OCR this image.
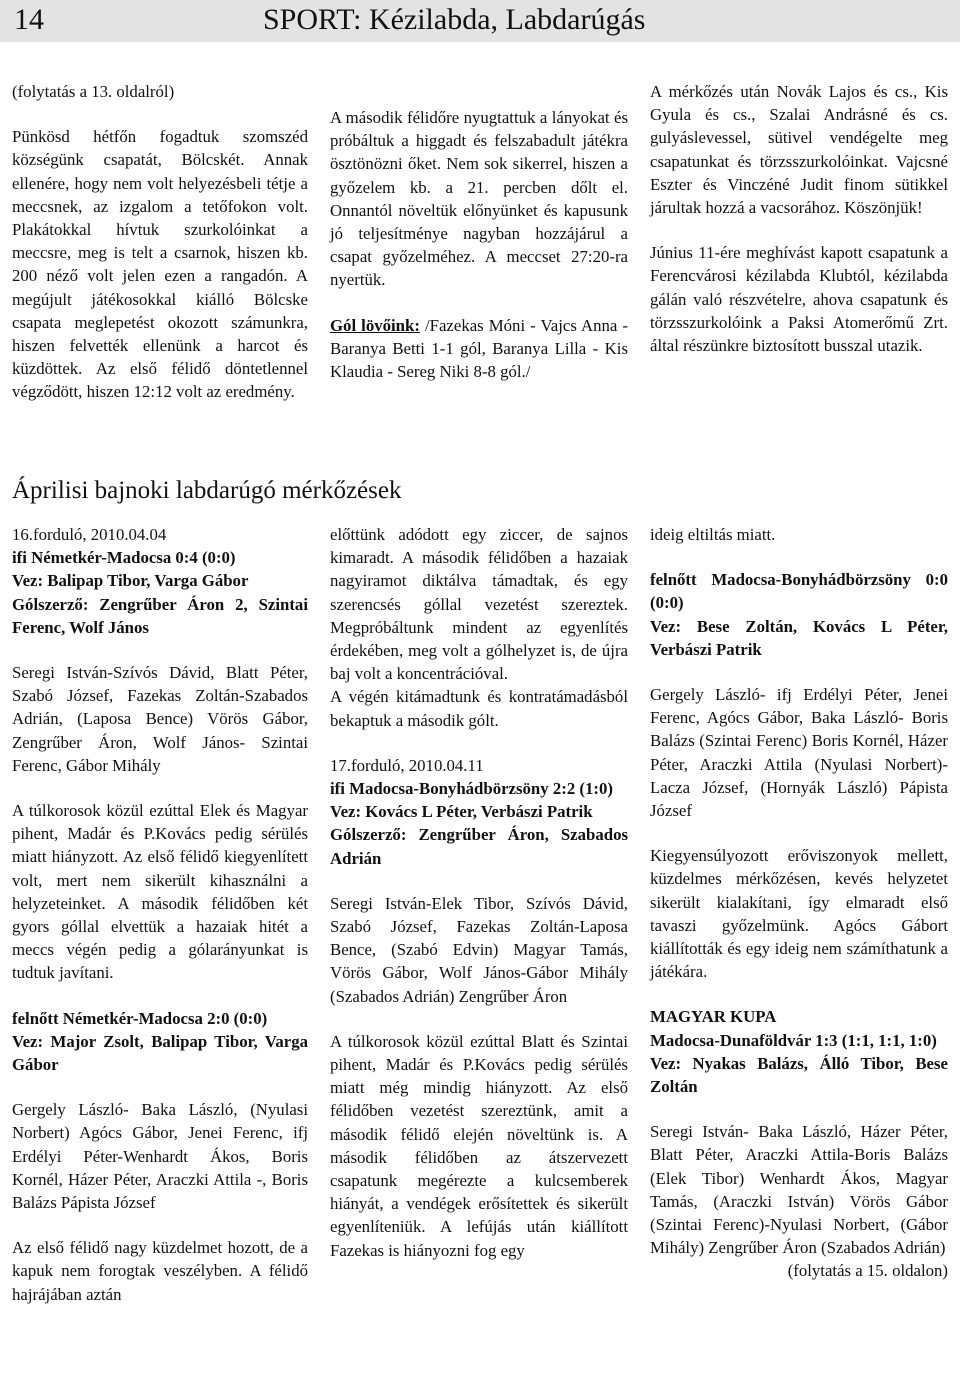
14	SPORT: Kézilabda, Labdarúgás

(folytatás a 13. oldalról)

Pünkösd hétfőn fogadtuk szomszéd községünk csapatát, Bölcskét. Annak ellenére, hogy nem volt helyezésbeli tétje a meccsnek, az izgalom a tetőfokon volt. Plakátokkal hívtuk szurkolóinkat a meccsre, meg is telt a csarnok, hiszen kb. 200 néző volt jelen ezen a rangadón. A megújult játékosokkal kiálló Bölcske csapata meglepetést okozott számunkra, hiszen felvették ellenünk a harcot és küzdöttek. Az első félidő döntetlennel végződött, hiszen 12:12 volt az eredmény.

A második félidőre nyugtattuk a lányokat és próbáltuk a higgadt és felszabadult játékra ösztönözni őket. Nem sok sikerrel, hiszen a győzelem kb. a 21. percben dőlt el. Onnantól növeltük előnyünket és kapusunk jó teljesítménye nagyban hozzájárul a csapat győzelméhez. A meccset 27:20-ra nyertük.

Gól lövőink: /Fazekas Móni - Vajcs Anna - Baranya Betti 1-1 gól, Baranya Lilla - Kis Klaudia - Sereg Niki 8-8 gól./

A mérkőzés után Novák Lajos és cs., Kis Gyula és cs., Szalai Andrásné és cs. gulyáslevessel, sütivel vendégelte meg csapatunkat és törzsszurkolóinkat. Vajcsné Eszter és Vinczéné Judit finom sütikkel járultak hozzá a vacsorához. Köszönjük!

Június 11-ére meghívást kapott csapatunk a Ferencvárosi kézilabda Klubtól, kézilabda gálán való részvételre, ahova csapatunk és törzsszurkolóink a Paksi Atomerőmű Zrt. által részünkre biztosított busszal utazik.

Áprilisi bajnoki labdarúgó mérkőzések

16.forduló, 2010.04.04

ifi Németkér-Madocsa 0:4 (0:0)

Vez: Balipap Tibor, Varga Gábor

Gólszerző: Zengrűber Áron 2, Szintai Ferenc, Wolf János

Seregi István-Szívós Dávid, Blatt Péter, Szabó József, Fazekas Zoltán-Szabados Adrián, (Laposa Bence) Vörös Gábor, Zengrűber Áron, Wolf János- Szintai Ferenc, Gábor Mihály

A túlkorosok közül ezúttal Elek és Magyar pihent, Madár és P.Kovács pedig sérülés miatt hiányzott. Az első félidő kiegyenlített volt, mert nem sikerült kihasználni a helyzeteinket. A második félidőben két gyors góllal elvettük a hazaiak hitét a meccs végén pedig a gólarányunkat is tudtuk javítani.

felnőtt Németkér-Madocsa 2:0 (0:0)

Vez: Major Zsolt, Balipap Tibor, Varga Gábor

Gergely László- Baka László, (Nyulasi Norbert) Agócs Gábor, Jenei Ferenc, ifj Erdélyi Péter-Wenhardt Ákos, Boris Kornél, Házer Péter, Araczki Attila -, Boris Balázs Pápista József

Az első félidő nagy küzdelmet hozott, de a kapuk nem forogtak veszélyben. A félidő hajrájában aztán

előttünk adódott egy ziccer, de sajnos kimaradt. A második félidőben a hazaiak nagyiramot diktálva támadtak, és egy szerencsés góllal vezetést szereztek. Megpróbáltunk mindent az egyenlítés érdekében, meg volt a gólhelyzet is, de újra baj volt a koncentrációval.

A végén kitámadtunk és kontratámadásból bekaptuk a második gólt.

17.forduló, 2010.04.11

ifi Madocsa-Bonyhádbörzsöny 2:2 (1:0)

Vez: Kovács L Péter, Verbászi Patrik

Gólszerző: Zengrűber Áron, Szabados Adrián

Seregi István-Elek Tibor, Szívós Dávid, Szabó József, Fazekas Zoltán-Laposa Bence, (Szabó Edvin) Magyar Tamás, Vörös Gábor, Wolf János-Gábor Mihály (Szabados Adrián) Zengrűber Áron

A túlkorosok közül ezúttal Blatt és Szintai pihent, Madár és P.Kovács pedig sérülés miatt még mindig hiányzott. Az első félidőben vezetést szereztünk, amit a második félidő elején növeltünk is. A második félidőben az átszervezett csapatunk megérezte a kulcsemberek hiányát, a vendégek erősítettek és sikerült egyenlíteniük. A lefújás után kiállított Fazekas is hiányozni fog egy

ideig eltiltás miatt.

felnőtt Madocsa-Bonyhádbörzsöny 0:0 (0:0)

Vez: Bese Zoltán, Kovács L Péter, Verbászi Patrik

Gergely László- ifj Erdélyi Péter, Jenei Ferenc, Agócs Gábor, Baka László- Boris Balázs (Szintai Ferenc) Boris Kornél, Házer Péter, Araczki Attila (Nyulasi Norbert)-Lacza József, (Hornyák László) Pápista József

Kiegyensúlyozott erőviszonyok mellett, küzdelmes mérkőzésen, kevés helyzetet sikerült kialakítani, így elmaradt első tavaszi győzelmünk. Agócs Gábort kiállították és egy ideig nem számíthatunk a játékára.

MAGYAR KUPA

Madocsa-Dunaföldvár 1:3 (1:1, 1:1, 1:0)

Vez: Nyakas Balázs, Álló Tibor, Bese Zoltán

Seregi István- Baka László, Házer Péter, Blatt Péter, Araczki Attila-Boris Balázs (Elek Tibor) Wenhardt Ákos, Magyar Tamás, (Araczki István) Vörös Gábor (Szintai Ferenc)-Nyulasi Norbert, (Gábor Mihály) Zengrűber Áron (Szabados Adrián)

(folytatás a 15. oldalon)
